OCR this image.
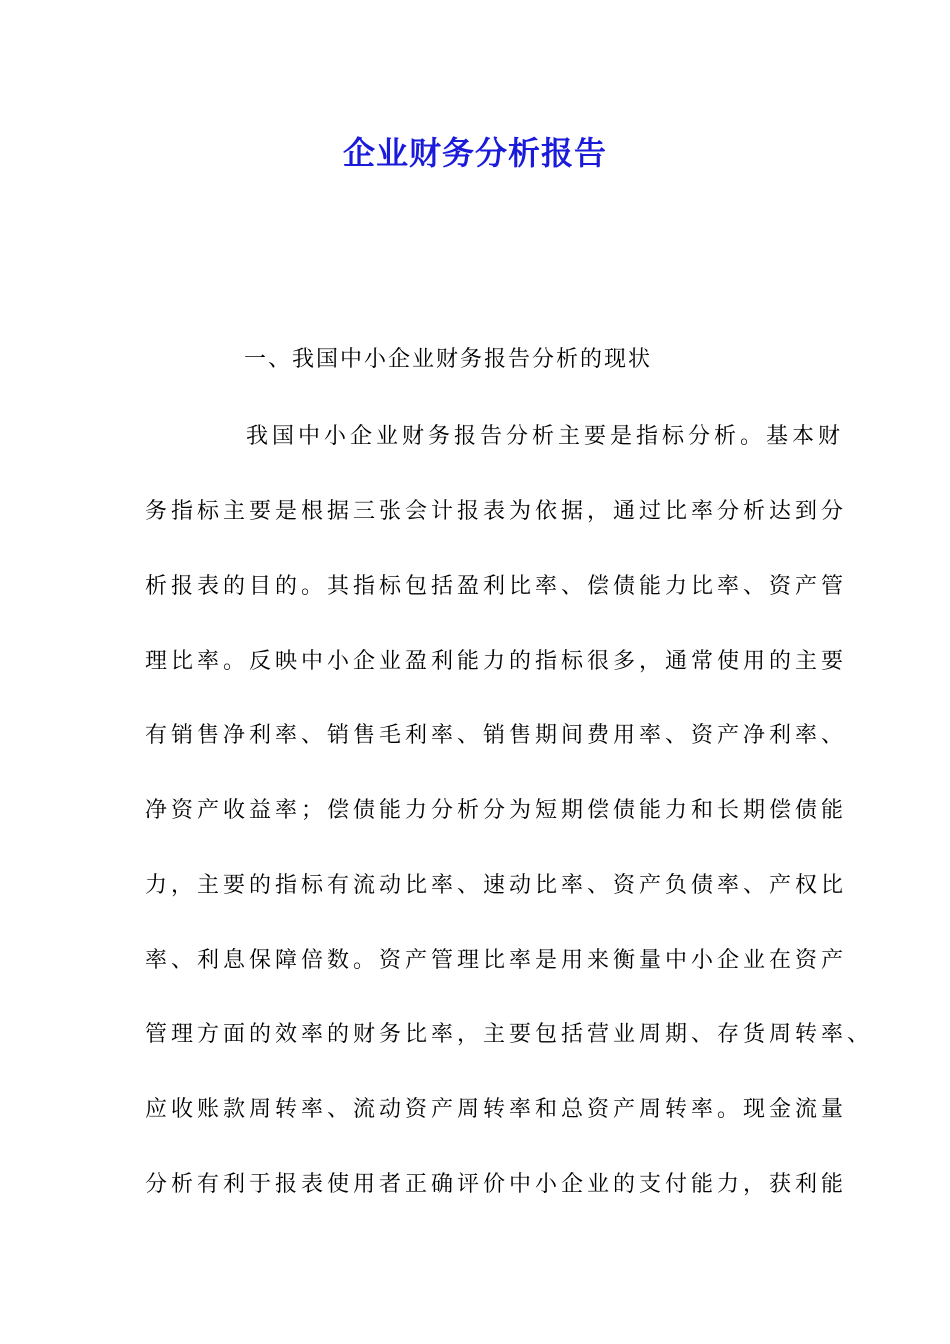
企业财务分析报告

一、我国中小企业财务报告分析的现状

我国中小企业财务报告分析主要是指标分析。基本财

务指标主要是根据三张会计报表为依据，通过比率分析达到分

析报表的目的。其指标包括盈利比率、偿债能力比率、资产管

理比率。反映中小企业盈利能力的指标很多，通常使用的主要

有销售净利率、销售毛利率、销售期间费用率、资产净利率、

净资产收益率；偿债能力分析分为短期偿债能力和长期偿债能

力，主要的指标有流动比率、速动比率、资产负债率、产权比

率、利息保障倍数。资产管理比率是用来衡量中小企业在资产

管理方面的效率的财务比率，主要包括营业周期、存货周转率、

应收账款周转率、流动资产周转率和总资产周转率。现金流量

分析有利于报表使用者正确评价中小企业的支付能力，获利能
